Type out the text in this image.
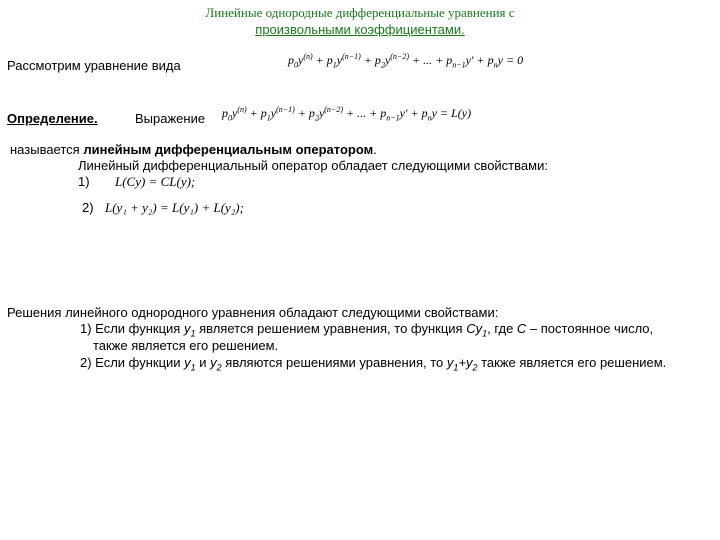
Линейные однородные дифференциальные уравнения с
произвольными коэффициентами.
Рассмотрим уравнение вида	$p_0y^{(n)} + p_1y^{(n-1)} + p_2y^{(n-2)}$ + ... + $p_{n-1}y' + p_ny = 0$
Определение.	Выражение $p_0y^{(n)} + p_1y^{(n-1)} + p_2y^{(n-2)}$ + ... + $p_{n-1}y' + p_ny = L(y)$
называется линейным дифференциальным оператором.
Линейный дифференциальный оператор обладает следующими свойствами:
1) L(Cy) = CL(y);
2) L(y₁ + y₂) = L(y₁) + L(y₂);
Решения линейного однородного уравнения обладают следующими свойствами:
1) Если функция $y_1$ является решением уравнения, то функция $Cy_1$, где C – постоянное число,
также является его решением.
2) Если функции $y_1$ и $y_2$ являются решениями уравнения, то $y_1+y_2$ также является его решением.
